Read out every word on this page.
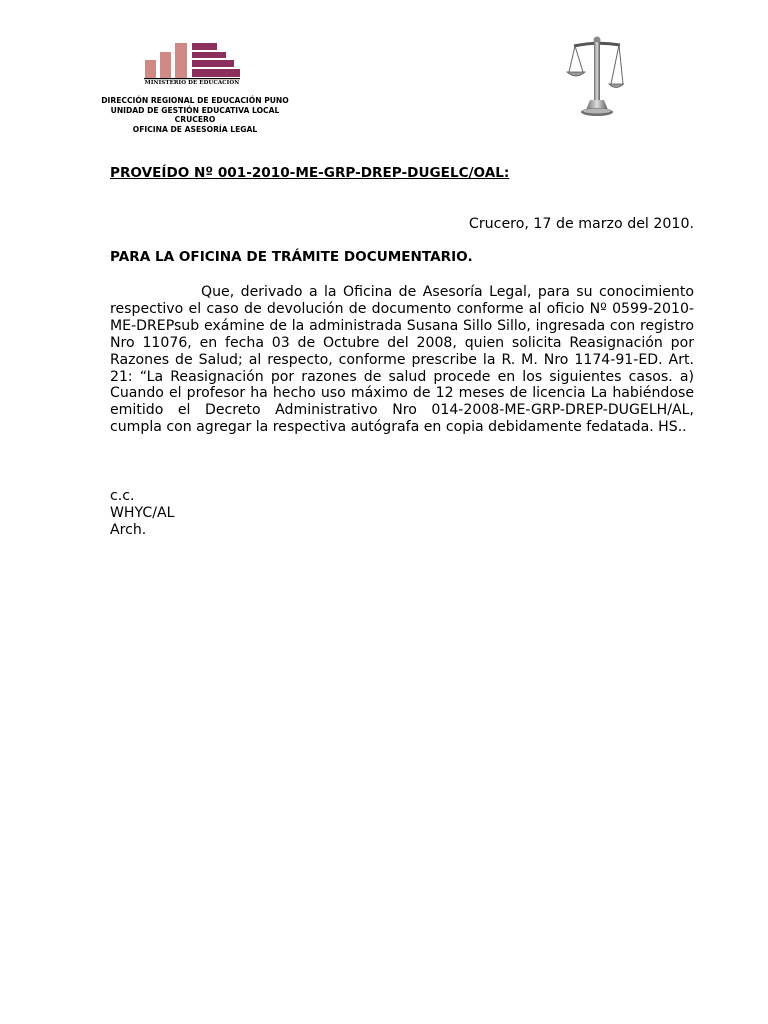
MINISTERIO DE EDUCACIÓN
DIRECCIÓN REGIONAL DE EDUCACIÓN PUNO
UNIDAD DE GESTIÓN EDUCATIVA LOCAL
CRUCERO
OFICINA DE ASESORÍA LEGAL
PROVEÍDO Nº 001-2010-ME-GRP-DREP-DUGELC/OAL:
Crucero, 17 de marzo del 2010.
PARA LA OFICINA DE TRÁMITE DOCUMENTARIO.

Que, derivado a la Oficina de Asesoría Legal, para su conocimiento respectivo el caso de devolución de documento conforme al oficio Nº 0599-2010-ME-DREPsub exámine de la administrada Susana Sillo Sillo, ingresada con registro Nro 11076, en fecha 03 de Octubre del 2008, quien solicita Reasignación por Razones de Salud; al respecto, conforme prescribe la R. M. Nro 1174-91-ED. Art. 21: “La Reasignación por razones de salud procede en los siguientes casos. a) Cuando el profesor ha hecho uso máximo de 12 meses de licencia La habiéndose emitido el Decreto Administrativo Nro 014-2008-ME-GRP-DREP-DUGELH/AL, cumpla con agregar la respectiva autógrafa en copia debidamente fedatada. HS..

c.c.
WHYC/AL
Arch.
